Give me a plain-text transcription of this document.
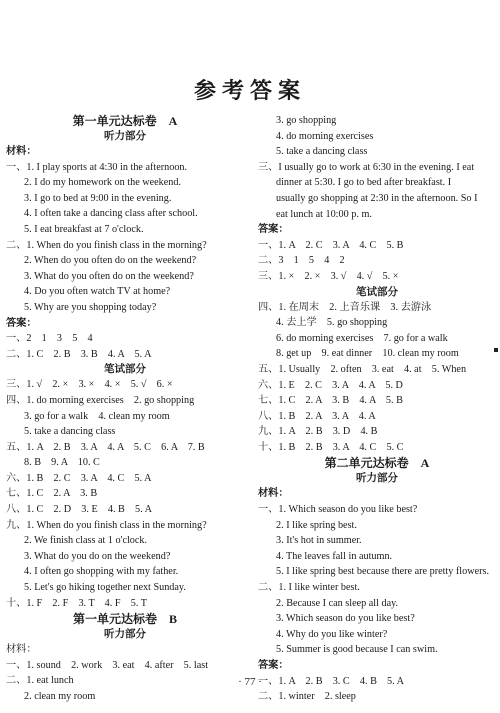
参考答案
第一单元达标卷　A
听力部分
材料：
一、1. I play sports at 4:30 in the afternoon.
2. I do my homework on the weekend.
3. I go to bed at 9:00 in the evening.
4. I often take a dancing class after school.
5. I eat breakfast at 7 o'clock.
二、1. When do you finish class in the morning?
2. When do you often do on the weekend?
3. What do you often do on the weekend?
4. Do you often watch TV at home?
5. Why are you shopping today?
答案：
一、2　1　3　5　4
二、1. C　2. B　3. B　4. A　5. A
笔试部分
三、1. √　2. ×　3. ×　4. ×　5. √　6. ×
四、1. do morning exercises　2. go shopping
3. go for a walk　4. clean my room
5. take a dancing class
五、1. A　2. B　3. A　4. A　5. C　6. A　7. B
8. B　9. A　10. C
六、1. B　2. C　3. A　4. C　5. A
七、1. C　2. A　3. B
八、1. C　2. D　3. E　4. B　5. A
九、1. When do you finish class in the morning?
2. We finish class at 1 o'clock.
3. What do you do on the weekend?
4. I often go shopping with my father.
5. Let's go hiking together next Sunday.
十、1. F　2. F　3. T　4. F　5. T
第一单元达标卷　B
听力部分
材料：
一、1. sound　2. work　3. eat　4. after　5. last
二、1. eat lunch
2. clean my room
3. go shopping
4. do morning exercises
5. take a dancing class
三、I usually go to work at 6:30 in the evening. I eat
dinner at 5:30. I go to bed after breakfast. I
usually go shopping at 2:30 in the afternoon. So I
eat lunch at 10:00 p. m.
答案：
一、1. A　2. C　3. A　4. C　5. B
二、3　1　5　4　2
三、1. ×　2. ×　3. √　4. √　5. ×
笔试部分
四、1. 在周末　2. 上音乐课　3. 去游泳
4. 去上学　5. go shopping
6. do morning exercises　7. go for a walk
8. get up　9. eat dinner　10. clean my room
五、1. Usually　2. often　3. eat　4. at　5. When
六、1. E　2. C　3. A　4. A　5. D
七、1. C　2. A　3. B　4. A　5. B
八、1. B　2. A　3. A　4. A
九、1. A　2. B　3. D　4. B
十、1. B　2. B　3. A　4. C　5. C
第二单元达标卷　A
听力部分
材料：
一、1. Which season do you like best?
2. I like spring best.
3. It's hot in summer.
4. The leaves fall in autumn.
5. I like spring best because there are pretty flowers.
二、1. I like winter best.
2. Because I can sleep all day.
3. Which season do you like best?
4. Why do you like winter?
5. Summer is good because I can swim.
答案：
一、1. A　2. B　3. C　4. B　5. A
二、1. winter　2. sleep
· 77 ·
